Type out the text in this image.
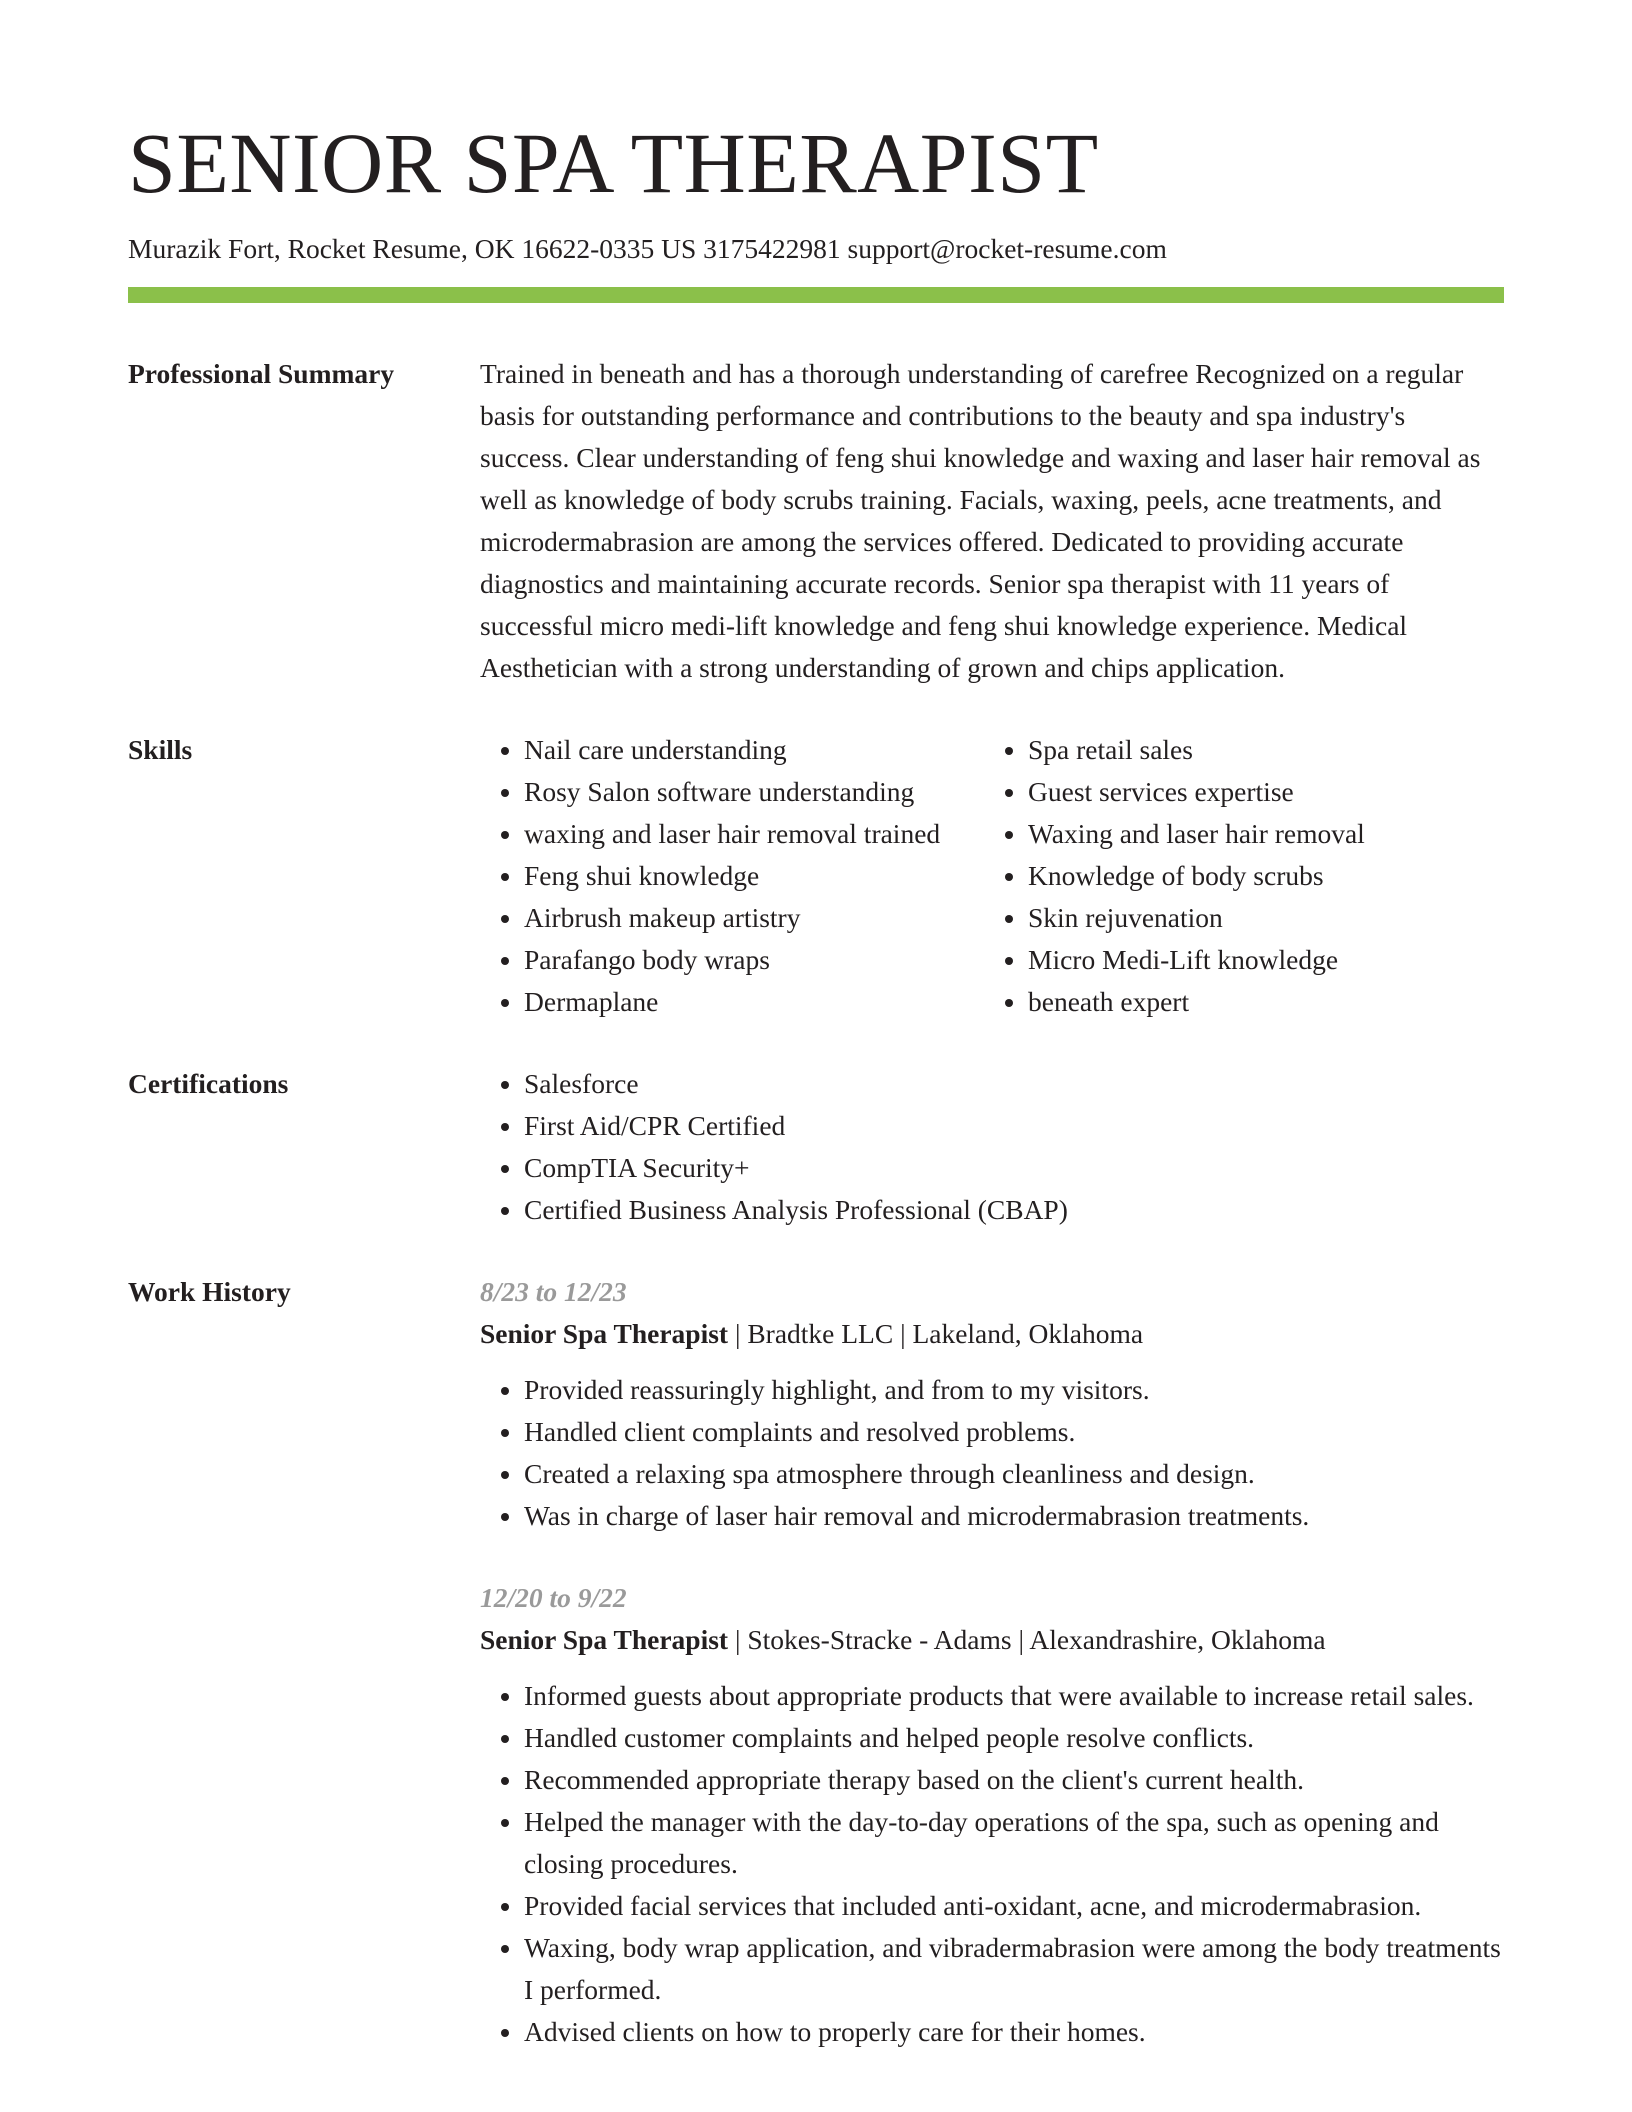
SENIOR SPA THERAPIST
Murazik Fort, Rocket Resume, OK 16622-0335 US 3175422981 support@rocket-resume.com
Professional Summary	Trained in beneath and has a thorough understanding of carefree Recognized on a regular basis for outstanding performance and contributions to the beauty and spa industry's success. Clear understanding of feng shui knowledge and waxing and laser hair removal as well as knowledge of body scrubs training. Facials, waxing, peels, acne treatments, and microdermabrasion are among the services offered. Dedicated to providing accurate diagnostics and maintaining accurate records. Senior spa therapist with 11 years of successful micro medi-lift knowledge and feng shui knowledge experience. Medical Aesthetician with a strong understanding of grown and chips application.

Skills	• Nail care understanding
• Rosy Salon software understanding
• waxing and laser hair removal trained
• Feng shui knowledge
• Airbrush makeup artistry
• Parafango body wraps
• Dermaplane
• Spa retail sales
• Guest services expertise
• Waxing and laser hair removal
• Knowledge of body scrubs
• Skin rejuvenation
• Micro Medi-Lift knowledge
• beneath expert
Certifications	• Salesforce
• First Aid/CPR Certified
• CompTIA Security+
• Certified Business Analysis Professional (CBAP)
Work History	8/23 to 12/23
Senior Spa Therapist | Bradtke LLC | Lakeland, Oklahoma
• Provided reassuringly highlight, and from to my visitors.
• Handled client complaints and resolved problems.
• Created a relaxing spa atmosphere through cleanliness and design.
• Was in charge of laser hair removal and microdermabrasion treatments.
12/20 to 9/22
Senior Spa Therapist | Stokes-Stracke - Adams | Alexandrashire, Oklahoma
• Informed guests about appropriate products that were available to increase retail sales.
• Handled customer complaints and helped people resolve conflicts.
• Recommended appropriate therapy based on the client's current health.
• Helped the manager with the day-to-day operations of the spa, such as opening and closing procedures.
• Provided facial services that included anti-oxidant, acne, and microdermabrasion.
• Waxing, body wrap application, and vibradermabrasion were among the body treatments I performed.
• Advised clients on how to properly care for their homes.
